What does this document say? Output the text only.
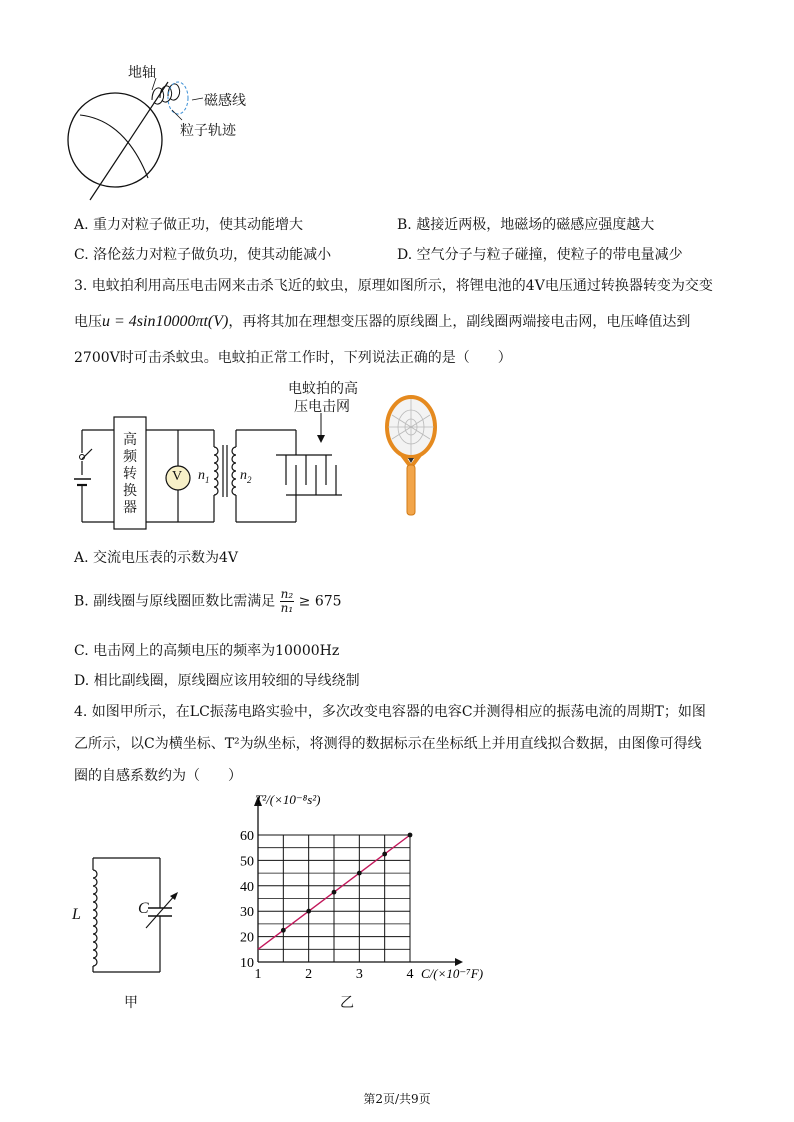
地轴
磁感线
粒子轨迹
A. 重力对粒子做正功，使其动能增大	B. 越接近两极，地磁场的磁感应强度越大
C. 洛伦兹力对粒子做负功，使其动能减小	D. 空气分子与粒子碰撞，使粒子的带电量减少
3. 电蚊拍利用高压电击网来击杀飞近的蚊虫，原理如图所示，将锂电池的4V电压通过转换器转变为交变
电压u = 4sin10000πt(V)，再将其加在理想变压器的原线圈上，副线圈两端接电击网，电压峰值达到
2700V时可击杀蚊虫。电蚊拍正常工作时，下列说法正确的是（　　）
高
频
转
换
器
V $n_1$ $n_2$
电蚊拍的高
压电击网
A. 交流电压表的示数为4V
B. 副线圈与原线圈匝数比需满足 $\frac{\text{n₂}}{\text{n₁}} \ge 675$
C. 电击网上的高频电压的频率为10000Hz
D. 相比副线圈，原线圈应该用较细的导线绕制
4. 如图甲所示，在LC振荡电路实验中，多次改变电容器的电容C并测得相应的振荡电流的周期T；如图
乙所示，以C为横坐标、T²为纵坐标，将测得的数据标示在坐标纸上并用直线拟合数据，由图像可得线
圈的自感系数约为（　　）
L	C
甲
1	2	3	4
10
20
30
40
50
60
T²/(×10⁻⁸s²)
C/(×10⁻⁷F)
乙
第2页/共9页
